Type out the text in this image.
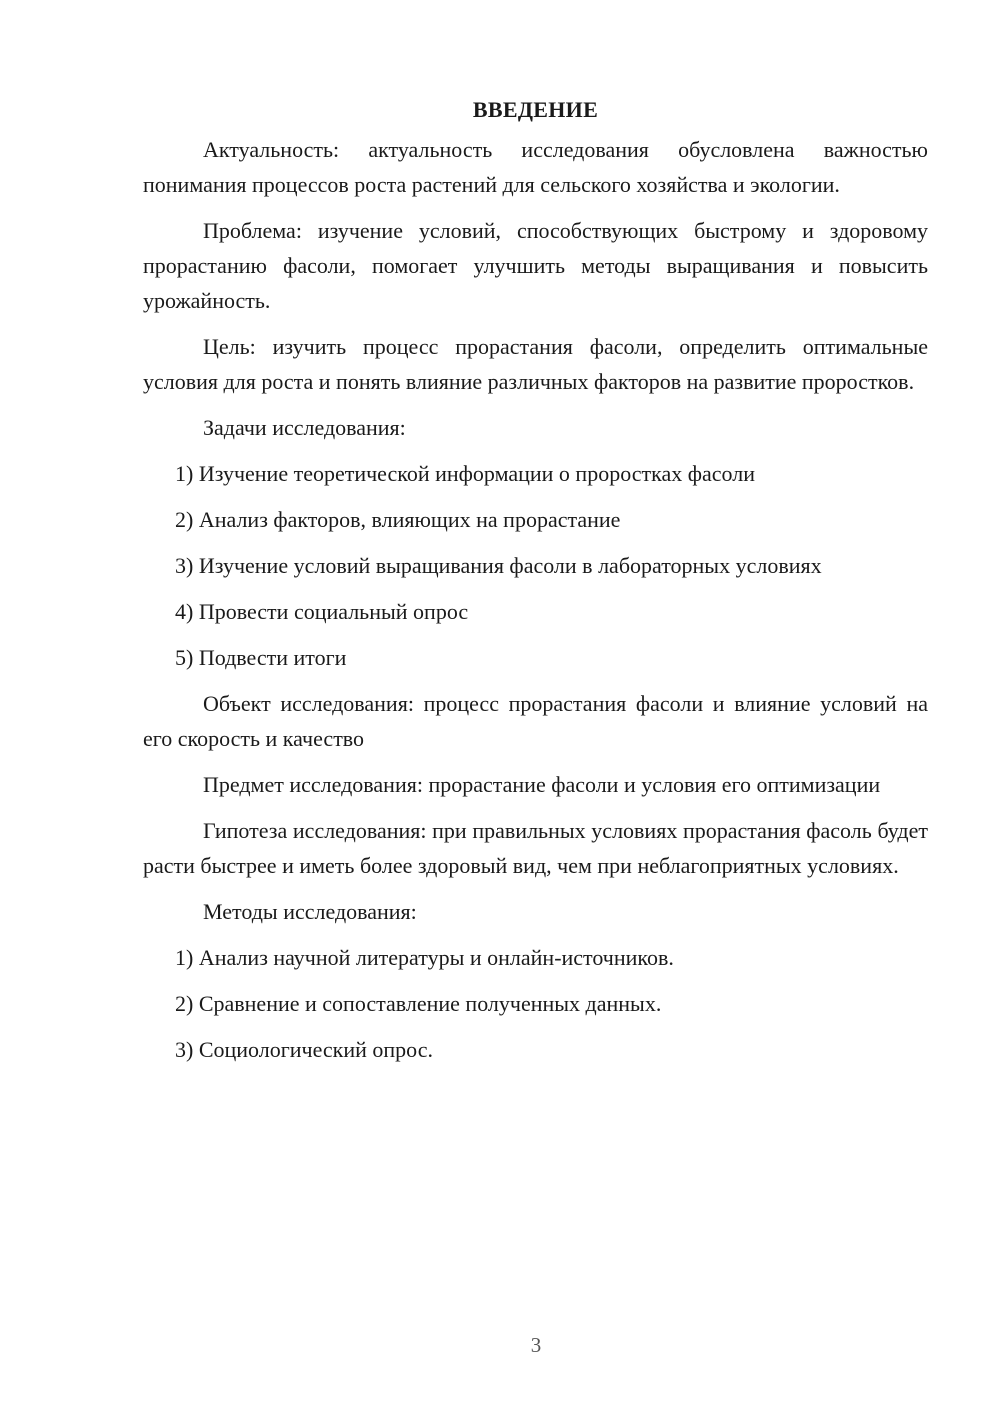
ВВЕДЕНИЕ

Актуальность: актуальность исследования обусловлена важностью понимания процессов роста растений для сельского хозяйства и экологии.

Проблема: изучение условий, способствующих быстрому и здоровому прорастанию фасоли, помогает улучшить методы выращивания и повысить урожайность.

Цель: изучить процесс прорастания фасоли, определить оптимальные условия для роста и понять влияние различных факторов на развитие проростков.

Задачи исследования:

1) Изучение теоретической информации о проростках фасоли
2) Анализ факторов, влияющих на прорастание
3) Изучение условий выращивания фасоли в лабораторных условиях
4) Провести социальный опрос
5) Подвести итоги

Объект исследования: процесс прорастания фасоли и влияние условий на его скорость и качество

Предмет исследования: прорастание фасоли и условия его оптимизации

Гипотеза исследования: при правильных условиях прорастания фасоль будет расти быстрее и иметь более здоровый вид, чем при неблагоприятных условиях.

Методы исследования:

1) Анализ научной литературы и онлайн-источников.
2) Сравнение и сопоставление полученных данных.
3) Социологический опрос.
3
